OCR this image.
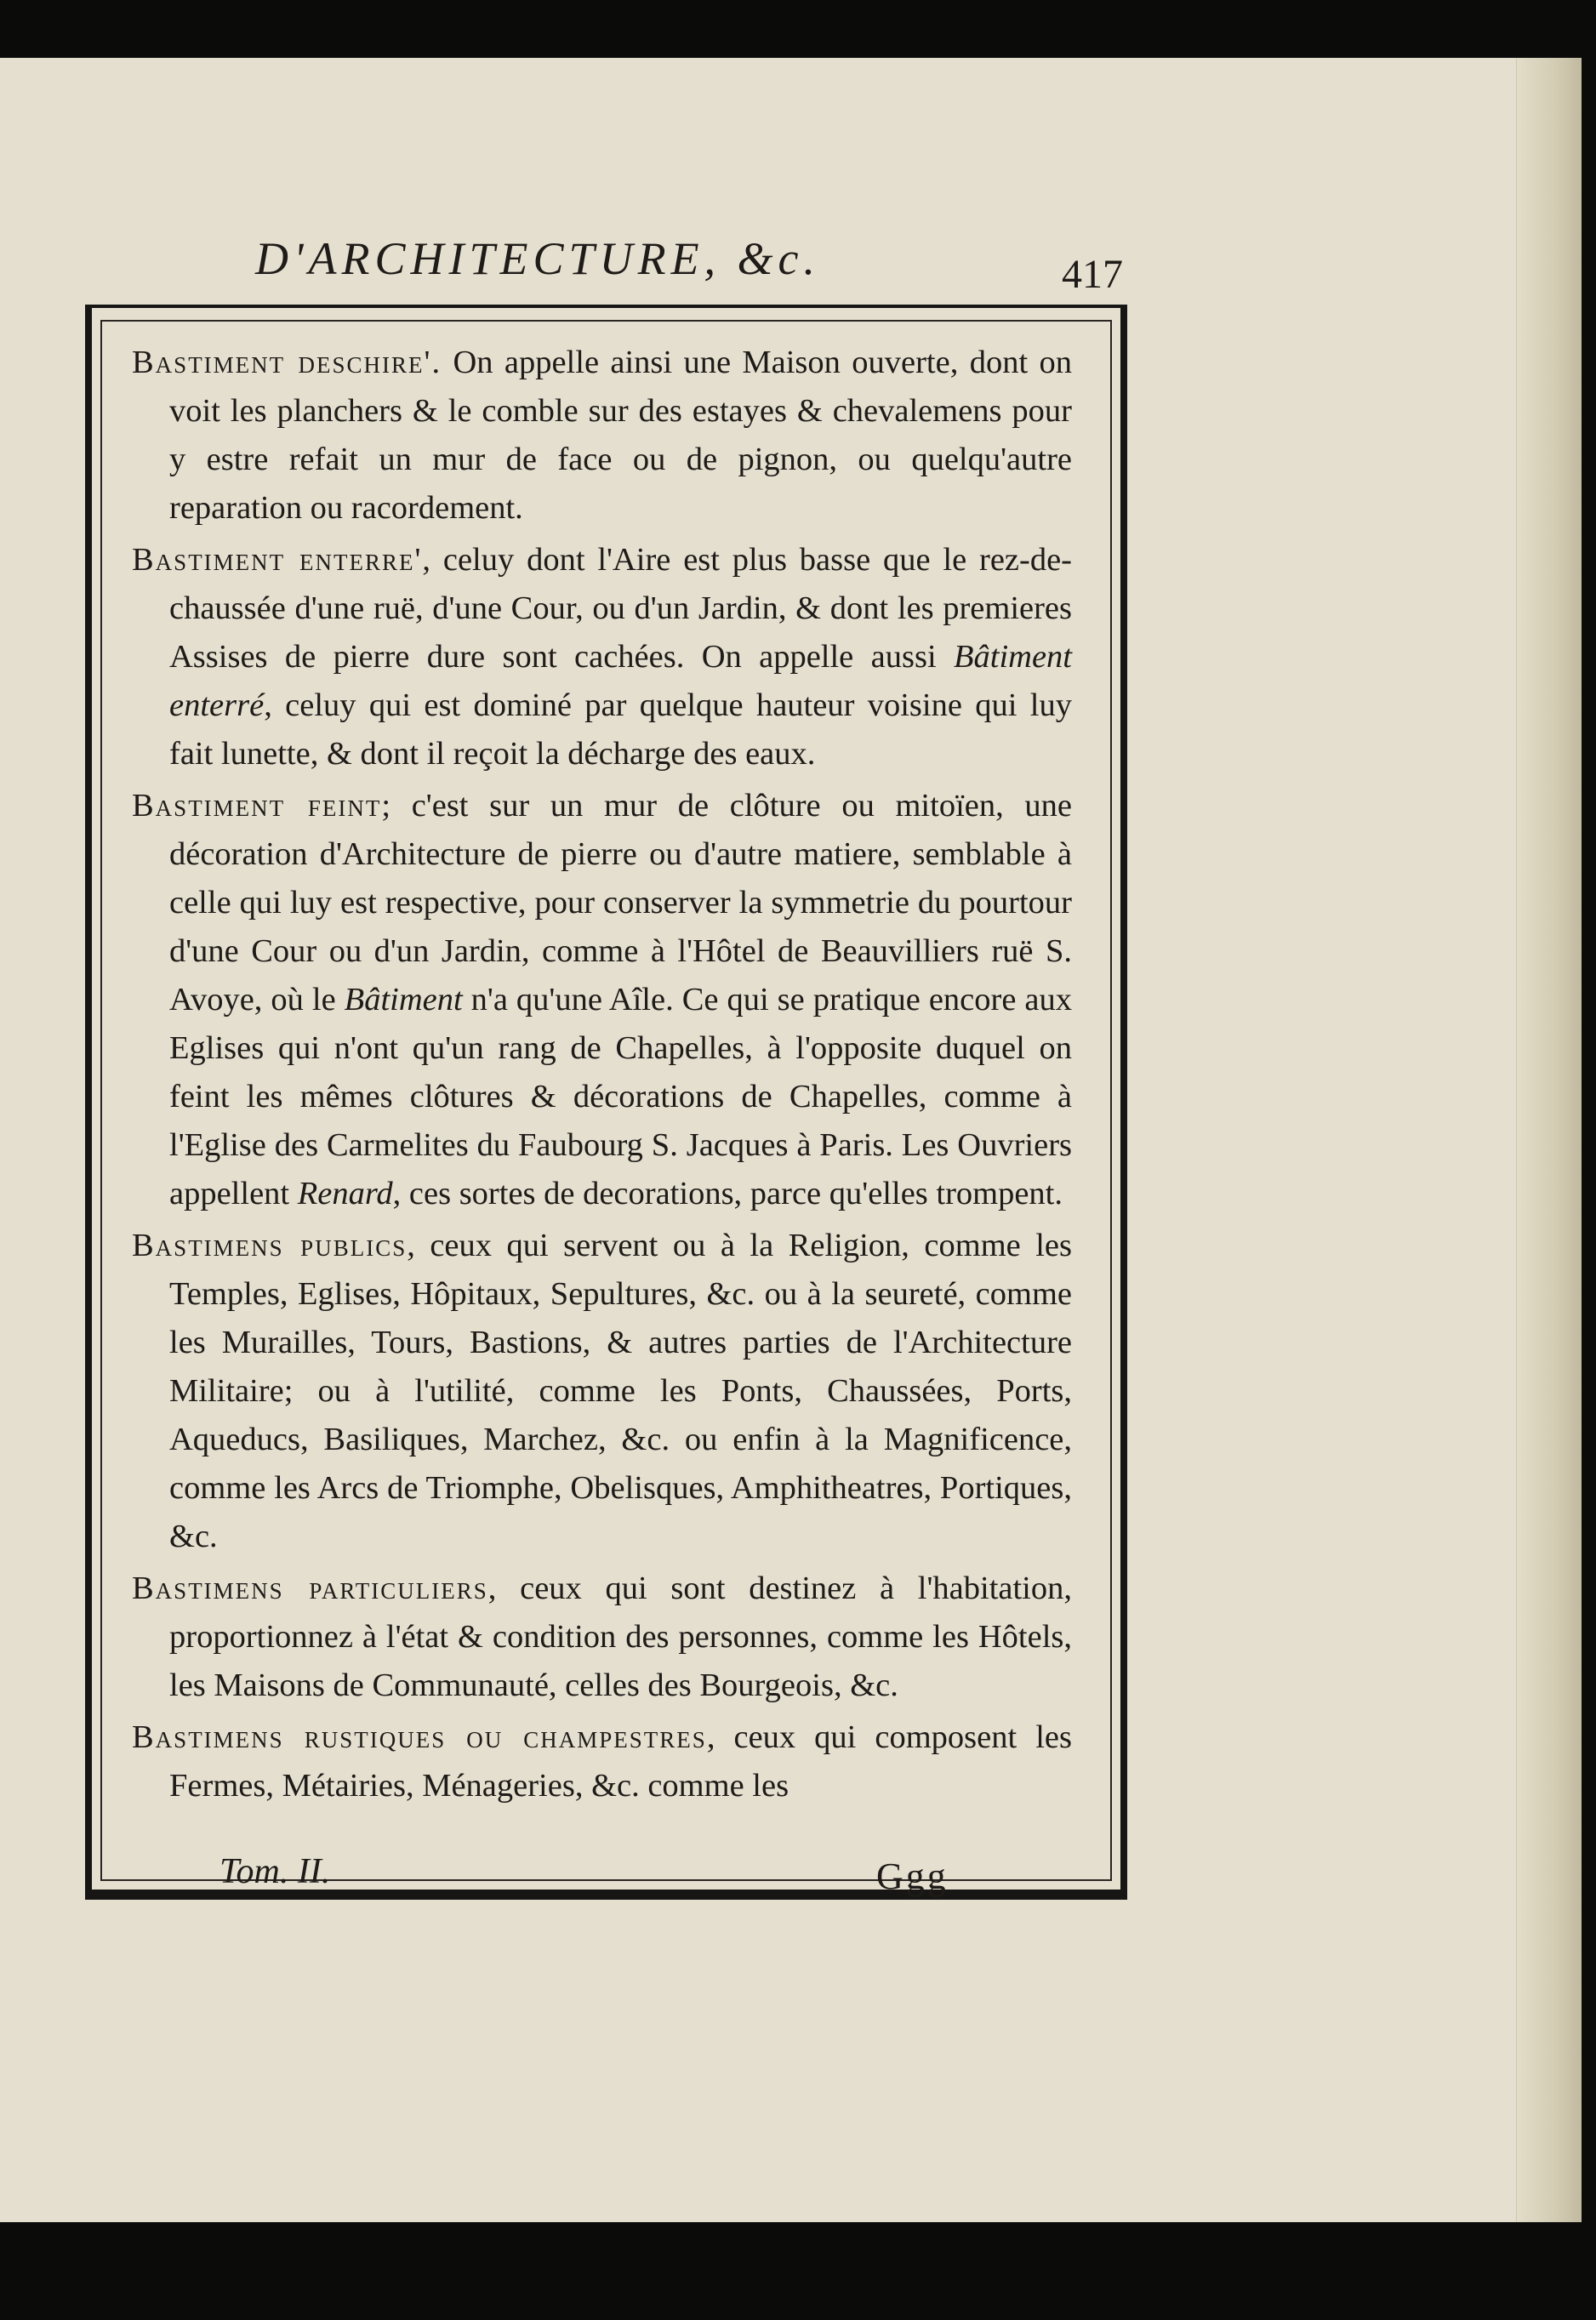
D'ARCHITECTURE, &c.	417

Bastiment deschire'. On appelle ainsi une Maison ouverte, dont on voit les planchers & le comble sur des estayes & chevalemens pour y estre refait un mur de face ou de pignon, ou quelqu'autre reparation ou racordement.

Bastiment enterre', celuy dont l'Aire est plus basse que le rez-de-chaussée d'une ruë, d'une Cour, ou d'un Jardin, & dont les premieres Assises de pierre dure sont cachées. On appelle aussi Bâtiment enterré, celuy qui est dominé par quelque hauteur voisine qui luy fait lunette, & dont il reçoit la décharge des eaux.

Bastiment feint; c'est sur un mur de clôture ou mitoïen, une décoration d'Architecture de pierre ou d'autre matiere, semblable à celle qui luy est respective, pour conserver la symmetrie du pourtour d'une Cour ou d'un Jardin, comme à l'Hôtel de Beauvilliers ruë S. Avoye, où le Bâtiment n'a qu'une Aîle. Ce qui se pratique encore aux Eglises qui n'ont qu'un rang de Chapelles, à l'opposite duquel on feint les mêmes clôtures & décorations de Chapelles, comme à l'Eglise des Carmelites du Faubourg S. Jacques à Paris. Les Ouvriers appellent Renard, ces sortes de decorations, parce qu'elles trompent.

Bastimens publics, ceux qui servent ou à la Religion, comme les Temples, Eglises, Hôpitaux, Sepultures, &c. ou à la seureté, comme les Murailles, Tours, Bastions, & autres parties de l'Architecture Militaire; ou à l'utilité, comme les Ponts, Chaussées, Ports, Aqueducs, Basiliques, Marchez, &c. ou enfin à la Magnificence, comme les Arcs de Triomphe, Obelisques, Amphitheatres, Portiques, &c.

Bastimens particuliers, ceux qui sont destinez à l'habitation, proportionnez à l'état & condition des personnes, comme les Hôtels, les Maisons de Communauté, celles des Bourgeois, &c.

Bastimens rustiques ou champestres, ceux qui composent les Fermes, Métairies, Ménageries, &c. comme les

Tom. II.	Ggg
